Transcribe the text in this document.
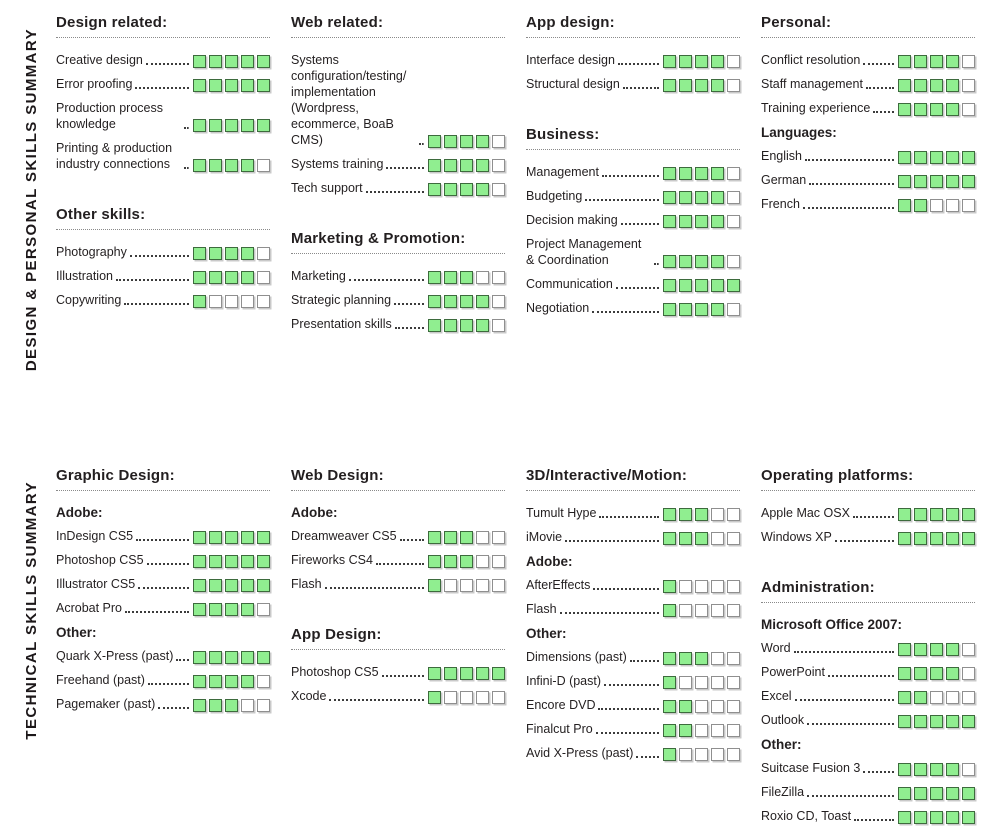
DESIGN & PERSONAL SKILLS SUMMARY
Design related:
Creative design
Error proofing
Production process knowledge
Printing & production industry connections
Other skills:
Photography
Illustration
Copywriting
Web related:
Systems configuration/testing/ implementation (Wordpress, ecommerce, BoaB CMS)
Systems training
Tech support
Marketing & Promotion:
Marketing
Strategic planning
Presentation skills
App design:
Interface design
Structural design
Business:
Management
Budgeting
Decision making
Project Management & Coordination
Communication
Negotiation
Personal:
Conflict resolution
Staff management
Training experience
Languages:
English
German
French
TECHNICAL SKILLS SUMMARY
Graphic Design:
Adobe:
InDesign CS5
Photoshop CS5
Illustrator CS5
Acrobat Pro
Other:
Quark X-Press (past)
Freehand (past)
Pagemaker (past)
Web Design:
Adobe:
Dreamweaver CS5
Fireworks CS4
Flash
App Design:
Photoshop CS5
Xcode
3D/Interactive/Motion:
Tumult Hype
iMovie
Adobe:
AfterEffects
Flash
Other:
Dimensions (past)
Infini-D (past)
Encore DVD
Finalcut Pro
Avid X-Press (past)
Operating platforms:
Apple Mac OSX
Windows XP
Administration:
Microsoft Office 2007:
Word
PowerPoint
Excel
Outlook
Other:
Suitcase Fusion 3
FileZilla
Roxio CD, Toast
